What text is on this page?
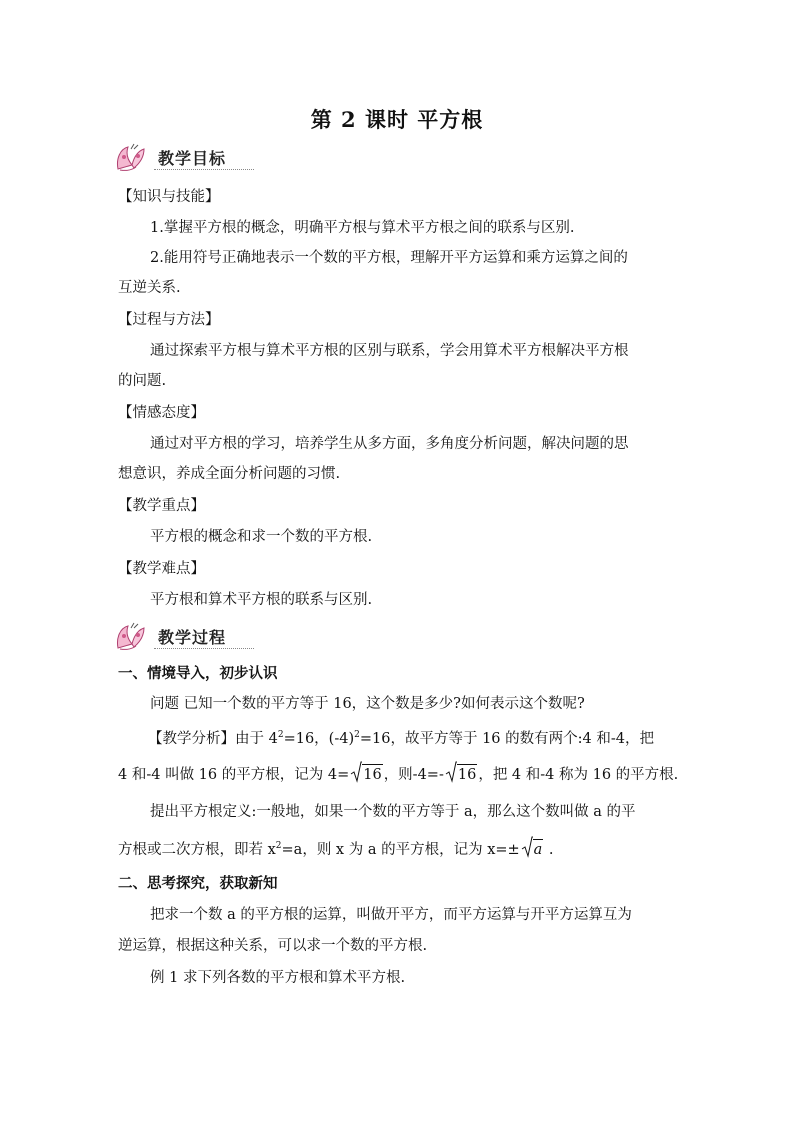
第 2 课时 平方根
教学目标
【知识与技能】
1.掌握平方根的概念，明确平方根与算术平方根之间的联系与区别.
2.能用符号正确地表示一个数的平方根，理解开平方运算和乘方运算之间的
互逆关系.
【过程与方法】
通过探索平方根与算术平方根的区别与联系，学会用算术平方根解决平方根
的问题.
【情感态度】
通过对平方根的学习，培养学生从多方面，多角度分析问题，解决问题的思
想意识，养成全面分析问题的习惯.
【教学重点】
平方根的概念和求一个数的平方根.
【教学难点】
平方根和算术平方根的联系与区别.
教学过程
一、情境导入，初步认识
问题 已知一个数的平方等于 16，这个数是多少?如何表示这个数呢?
【教学分析】由于 $4^2=16$，$(-4)^2=16$，故平方等于 16 的数有两个:4 和-4，把
4 和-4 叫做 16 的平方根，记为 4= 16 ，则-4=- 16 ，把 4 和-4 称为 16 的平方根.
提出平方根定义:一般地，如果一个数的平方等于 a，那么这个数叫做 a 的平
方根或二次方根，即若 $x^2=a$，则 x 为 a 的平方根，记为 x=± a .
二、思考探究，获取新知
把求一个数 a 的平方根的运算，叫做开平方，而平方运算与开平方运算互为
逆运算，根据这种关系，可以求一个数的平方根.
例 1 求下列各数的平方根和算术平方根.
